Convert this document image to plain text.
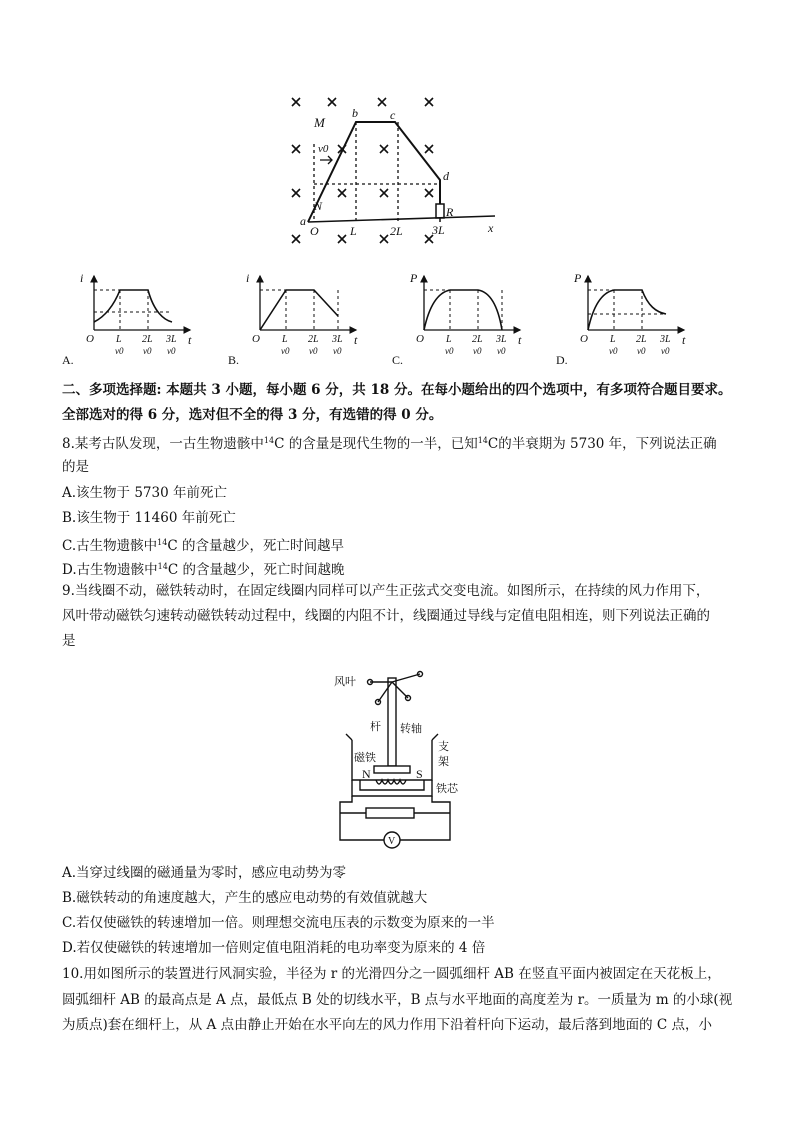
M
b	c
d
N
a
O	L	2L 3L	x
R
v0
i
O	t
L 2L 3L
v0 v0 v0
A.
i
O	t
L 2L 3L
v0 v0 v0
B.
P
O	t
L 2L 3L
v0 v0 v0
C.
P
O	t
L 2L 3L
v0 v0 v0
D.
二、多项选择题: 本题共 3 小题，每小题 6 分，共 18 分。在每小题给出的四个选项中，有多项符合题目要求。
全部选对的得 6 分，选对但不全的得 3 分，有选错的得 0 分。
8.某考古队发现，一古生物遗骸中$^{14}$C 的含量是现代生物的一半，已知$^{14}$C的半衰期为 5730 年，下列说法正确
的是
A.该生物于 5730 年前死亡
B.该生物于 11460 年前死亡
C.古生物遗骸中$^{14}$C 的含量越少，死亡时间越早
D.古生物遗骸中$^{14}$C 的含量越少，死亡时间越晚
9.当线圈不动，磁铁转动时，在固定线圈内同样可以产生正弦式交变电流。如图所示，在持续的风力作用下，
风叶带动磁铁匀速转动磁铁转动过程中，线圈的内阻不计，线圈通过导线与定值电阻相连，则下列说法正确的
是
风叶
杆 转轴
支
架
磁铁
N	S
铁芯
V
A.当穿过线圈的磁通量为零时，感应电动势为零
B.磁铁转动的角速度越大，产生的感应电动势的有效值就越大
C.若仅使磁铁的转速增加一倍。则理想交流电压表的示数变为原来的一半
D.若仅使磁铁的转速增加一倍则定值电阻消耗的电功率变为原来的 4 倍
10.用如图所示的装置进行风洞实验，半径为 r 的光滑四分之一圆弧细杆 AB 在竖直平面内被固定在天花板上，
圆弧细杆 AB 的最高点是 A 点，最低点 B 处的切线水平，B 点与水平地面的高度差为 r。一质量为 m 的小球(视
为质点)套在细杆上，从 A 点由静止开始在水平向左的风力作用下沿着杆向下运动，最后落到地面的 C 点，小
